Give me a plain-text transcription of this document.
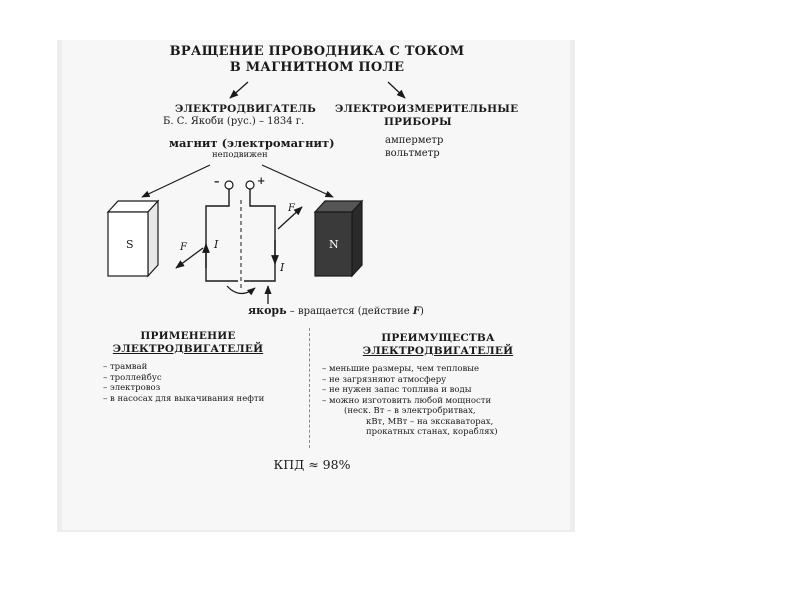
ВРАЩЕНИЕ ПРОВОДНИКА С ТОКОМ
В МАГНИТНОМ ПОЛЕ
ЭЛЕКТРОДВИГАТЕЛЬ
Б. С. Якоби (рус.) – 1834 г.
магнит (электромагнит)
неподвижен
ЭЛЕКТРОИЗМЕРИТЕЛЬНЫЕ
ПРИБОРЫ
амперметр
вольтметр
S	N
–	+
F
F
I
I
якорь – вращается (действие F)
ПРИМЕНЕНИЕ
ЭЛЕКТРОДВИГАТЕЛЕЙ
– трамвай
– троллейбус
– электровоз
– в насосах для выкачивания нефти
ПРЕИМУЩЕСТВА
ЭЛЕКТРОДВИГАТЕЛЕЙ
– меньшие размеры, чем тепловые
– не загрязняют атмосферу
– не нужен запас топлива и воды
– можно изготовить любой мощности
(неск. Вт – в электробритвах,
кВт, МВт – на экскаваторах,
прокатных станах, кораблях)
КПД ≈ 98%
